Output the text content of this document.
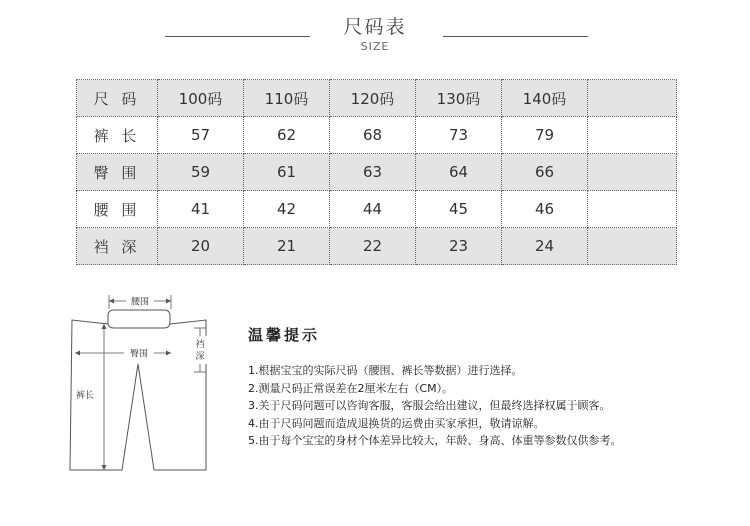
尺码表
SIZE
尺 码	100码	110码	120码	130码	140码	
裤 长	57	62	68	73	79	
臀 围	59	61	63	64	66	
腰 围	41	42	44	45	46	
裆 深	20	21	22	23	24	
腰围
臀围
裆
深
裤长
温馨提示
1.根据宝宝的实际尺码（腰围、裤长等数据）进行选择。
2.测量尺码正常误差在2厘米左右（CM）。
3.关于尺码问题可以咨询客服，客服会给出建议，但最终选择权属于顾客。
4.由于尺码问题而造成退换货的运费由买家承担，敬请谅解。
5.由于每个宝宝的身材个体差异比较大，年龄、身高、体重等参数仅供参考。
